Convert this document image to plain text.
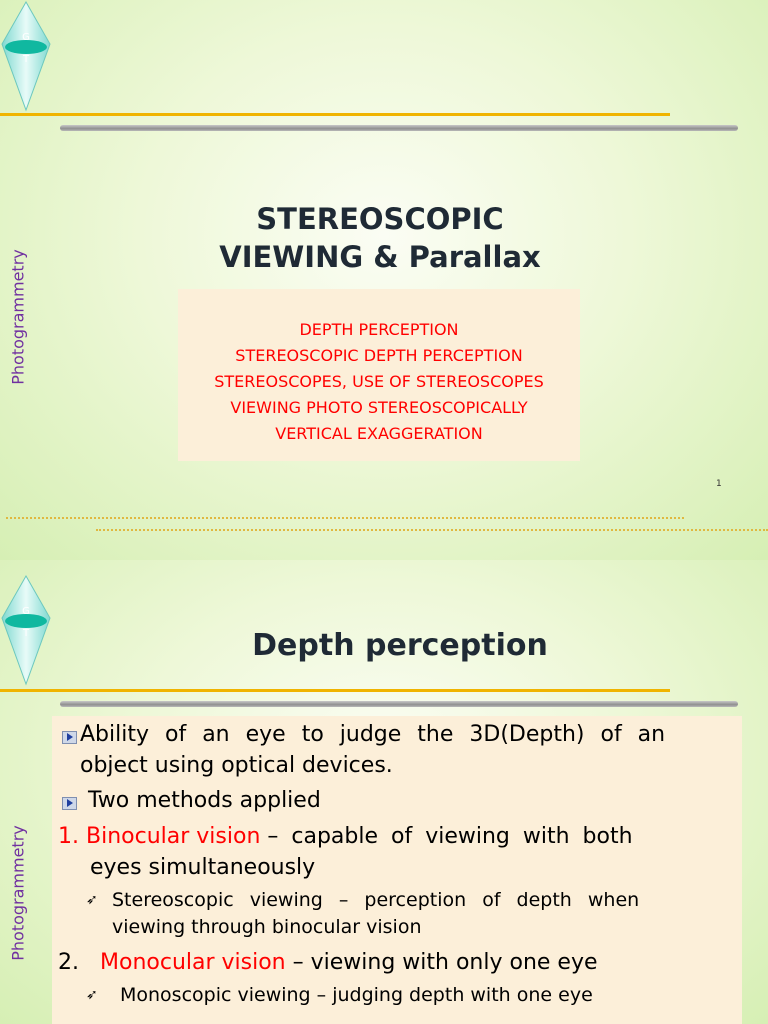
G
T
Photogrammetry
STEREOSCOPIC
VIEWING & Parallax
DEPTH PERCEPTION
STEREOSCOPIC DEPTH PERCEPTION
STEREOSCOPES, USE OF STEREOSCOPES
VIEWING PHOTO STEREOSCOPICALLY
VERTICAL EXAGGERATION
1
G
T
Photogrammetry
Depth perception
Ability of an eye to judge the 3D(Depth) of an
object using optical devices.
Two methods applied
1. Binocular vision – capable of viewing with both
eyes simultaneously
➶ Stereoscopic viewing – perception of depth when
viewing through binocular vision
2. Monocular vision – viewing with only one eye
➶ Monoscopic viewing – judging depth with one eye
